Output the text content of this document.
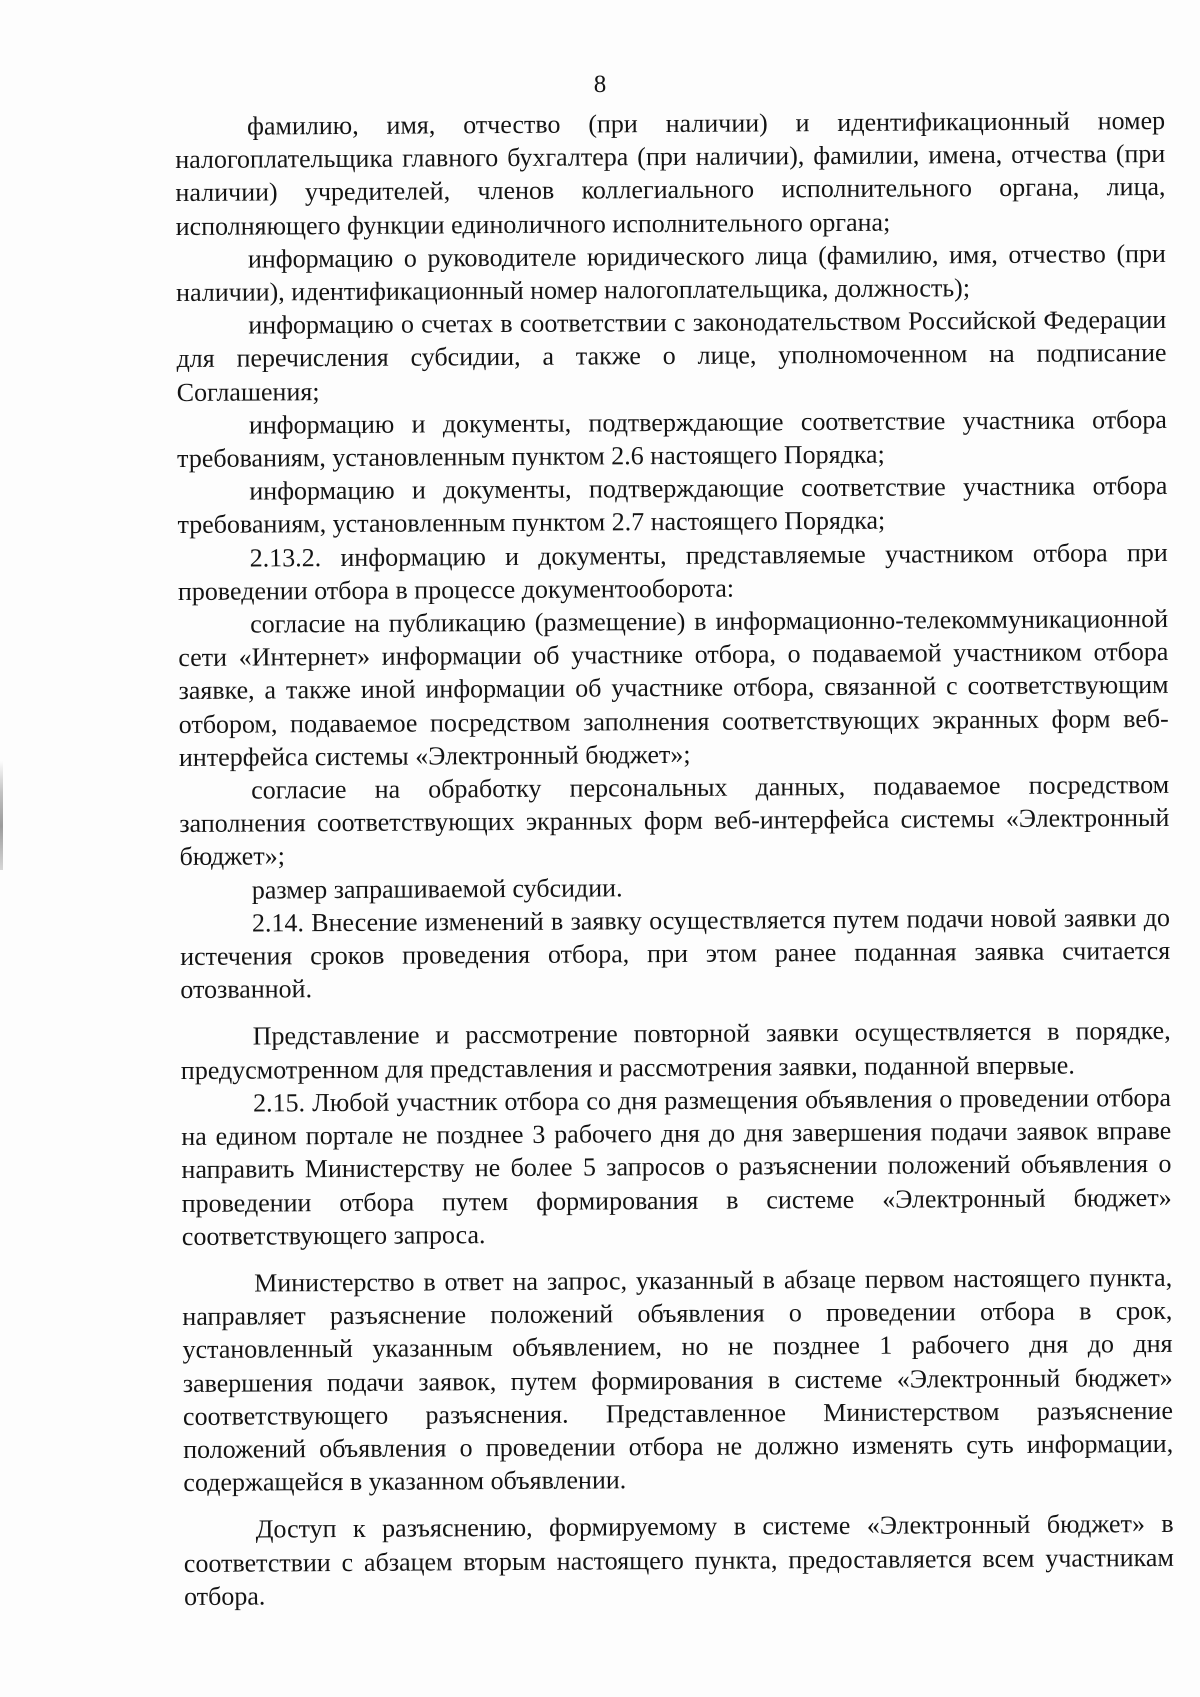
8

фамилию, имя, отчество (при наличии) и идентификационный номер налогоплательщика главного бухгалтера (при наличии), фамилии, имена, отчества (при наличии) учредителей, членов коллегиального исполнительного органа, лица, исполняющего функции единоличного исполнительного органа;

информацию о руководителе юридического лица (фамилию, имя, отчество (при наличии), идентификационный номер налогоплательщика, должность);

информацию о счетах в соответствии с законодательством Российской Федерации для перечисления субсидии, а также о лице, уполномоченном на подписание Соглашения;

информацию и документы, подтверждающие соответствие участника отбора требованиям, установленным пунктом 2.6 настоящего Порядка;

информацию и документы, подтверждающие соответствие участника отбора требованиям, установленным пунктом 2.7 настоящего Порядка;

2.13.2. информацию и документы, представляемые участником отбора при проведении отбора в процессе документооборота:

согласие на публикацию (размещение) в информационно-телекоммуникационной сети «Интернет» информации об участнике отбора, о подаваемой участником отбора заявке, а также иной информации об участнике отбора, связанной с соответствующим отбором, подаваемое посредством заполнения соответствующих экранных форм веб-интерфейса системы «Электронный бюджет»;

согласие на обработку персональных данных, подаваемое посредством заполнения соответствующих экранных форм веб-интерфейса системы «Электронный бюджет»;

размер запрашиваемой субсидии.

2.14. Внесение изменений в заявку осуществляется путем подачи новой заявки до истечения сроков проведения отбора, при этом ранее поданная заявка считается отозванной.

Представление и рассмотрение повторной заявки осуществляется в порядке, предусмотренном для представления и рассмотрения заявки, поданной впервые.

2.15. Любой участник отбора со дня размещения объявления о проведении отбора на едином портале не позднее 3 рабочего дня до дня завершения подачи заявок вправе направить Министерству не более 5 запросов о разъяснении положений объявления о проведении отбора путем формирования в системе «Электронный бюджет» соответствующего запроса.

Министерство в ответ на запрос, указанный в абзаце первом настоящего пункта, направляет разъяснение положений объявления о проведении отбора в срок, установленный указанным объявлением, но не позднее 1 рабочего дня до дня завершения подачи заявок, путем формирования в системе «Электронный бюджет» соответствующего разъяснения. Представленное Министерством разъяснение положений объявления о проведении отбора не должно изменять суть информации, содержащейся в указанном объявлении.

Доступ к разъяснению, формируемому в системе «Электронный бюджет» в соответствии с абзацем вторым настоящего пункта, предоставляется всем участникам отбора.
